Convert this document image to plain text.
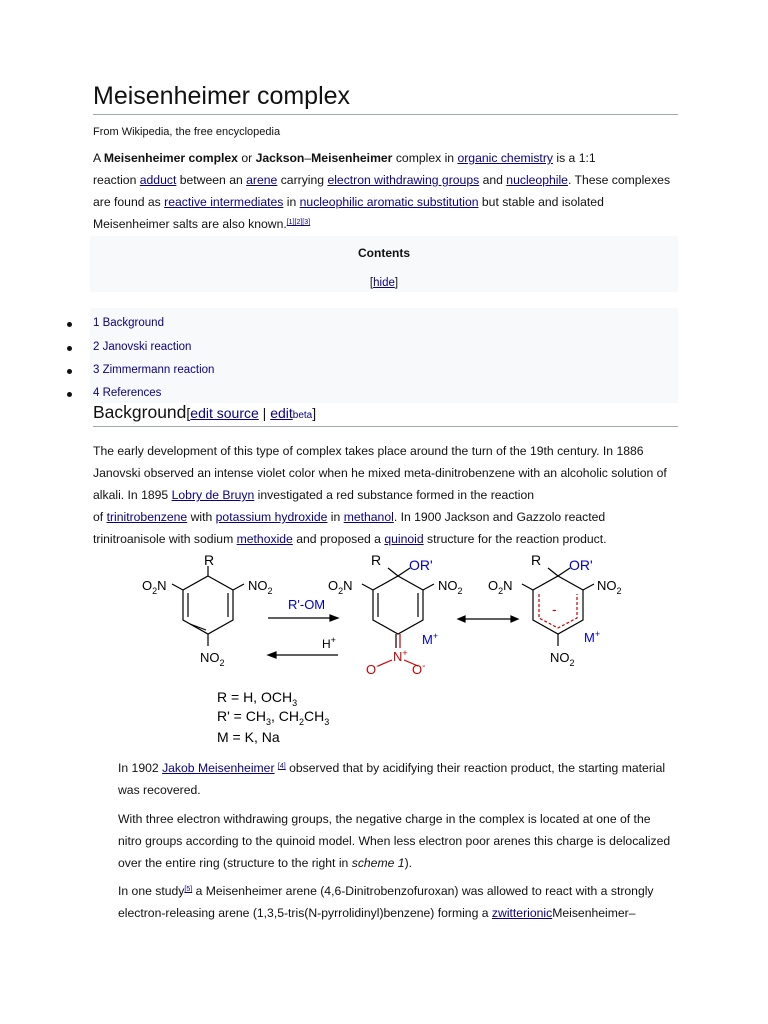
Meisenheimer complex
From Wikipedia, the free encyclopedia
A Meisenheimer complex or Jackson–Meisenheimer complex in organic chemistry is a 1:1
reaction adduct between an arene carrying electron withdrawing groups and nucleophile. These complexes
are found as reactive intermediates in nucleophilic aromatic substitution but stable and isolated
Meisenheimer salts are also known.[1][2][3]
Contents
[hide]
1 Background
2 Janovski reaction
3 Zimmermann reaction
4 References
Background[edit source | editbeta]
The early development of this type of complex takes place around the turn of the 19th century. In 1886
Janovski observed an intense violet color when he mixed meta-dinitrobenzene with an alcoholic solution of
alkali. In 1895 Lobry de Bruyn investigated a red substance formed in the reaction
of trinitrobenzene with potassium hydroxide in methanol. In 1900 Jackson and Gazzolo reacted
trinitroanisole with sodium methoxide and proposed a quinoid structure for the reaction product.
R
$O_2N$	$NO_2$
$NO_2$
R'-OM
H+
R OR'
$O_2N$	$NO_2$
M+
N+
O-	O-
-
R OR'
$O_2N$	$NO_2$
M+
$NO_2$
R = H, $OCH_3$
$R' = CH_3$, $CH_2CH_3$
M = K, Na
In 1902 Jakob Meisenheimer [4] observed that by acidifying their reaction product, the starting material
was recovered.
With three electron withdrawing groups, the negative charge in the complex is located at one of the
nitro groups according to the quinoid model. When less electron poor arenes this charge is delocalized
over the entire ring (structure to the right in scheme 1).
In one study[5] a Meisenheimer arene (4,6-Dinitrobenzofuroxan) was allowed to react with a strongly
electron-releasing arene (1,3,5-tris(N-pyrrolidinyl)benzene) forming a zwitterionicMeisenheimer–
